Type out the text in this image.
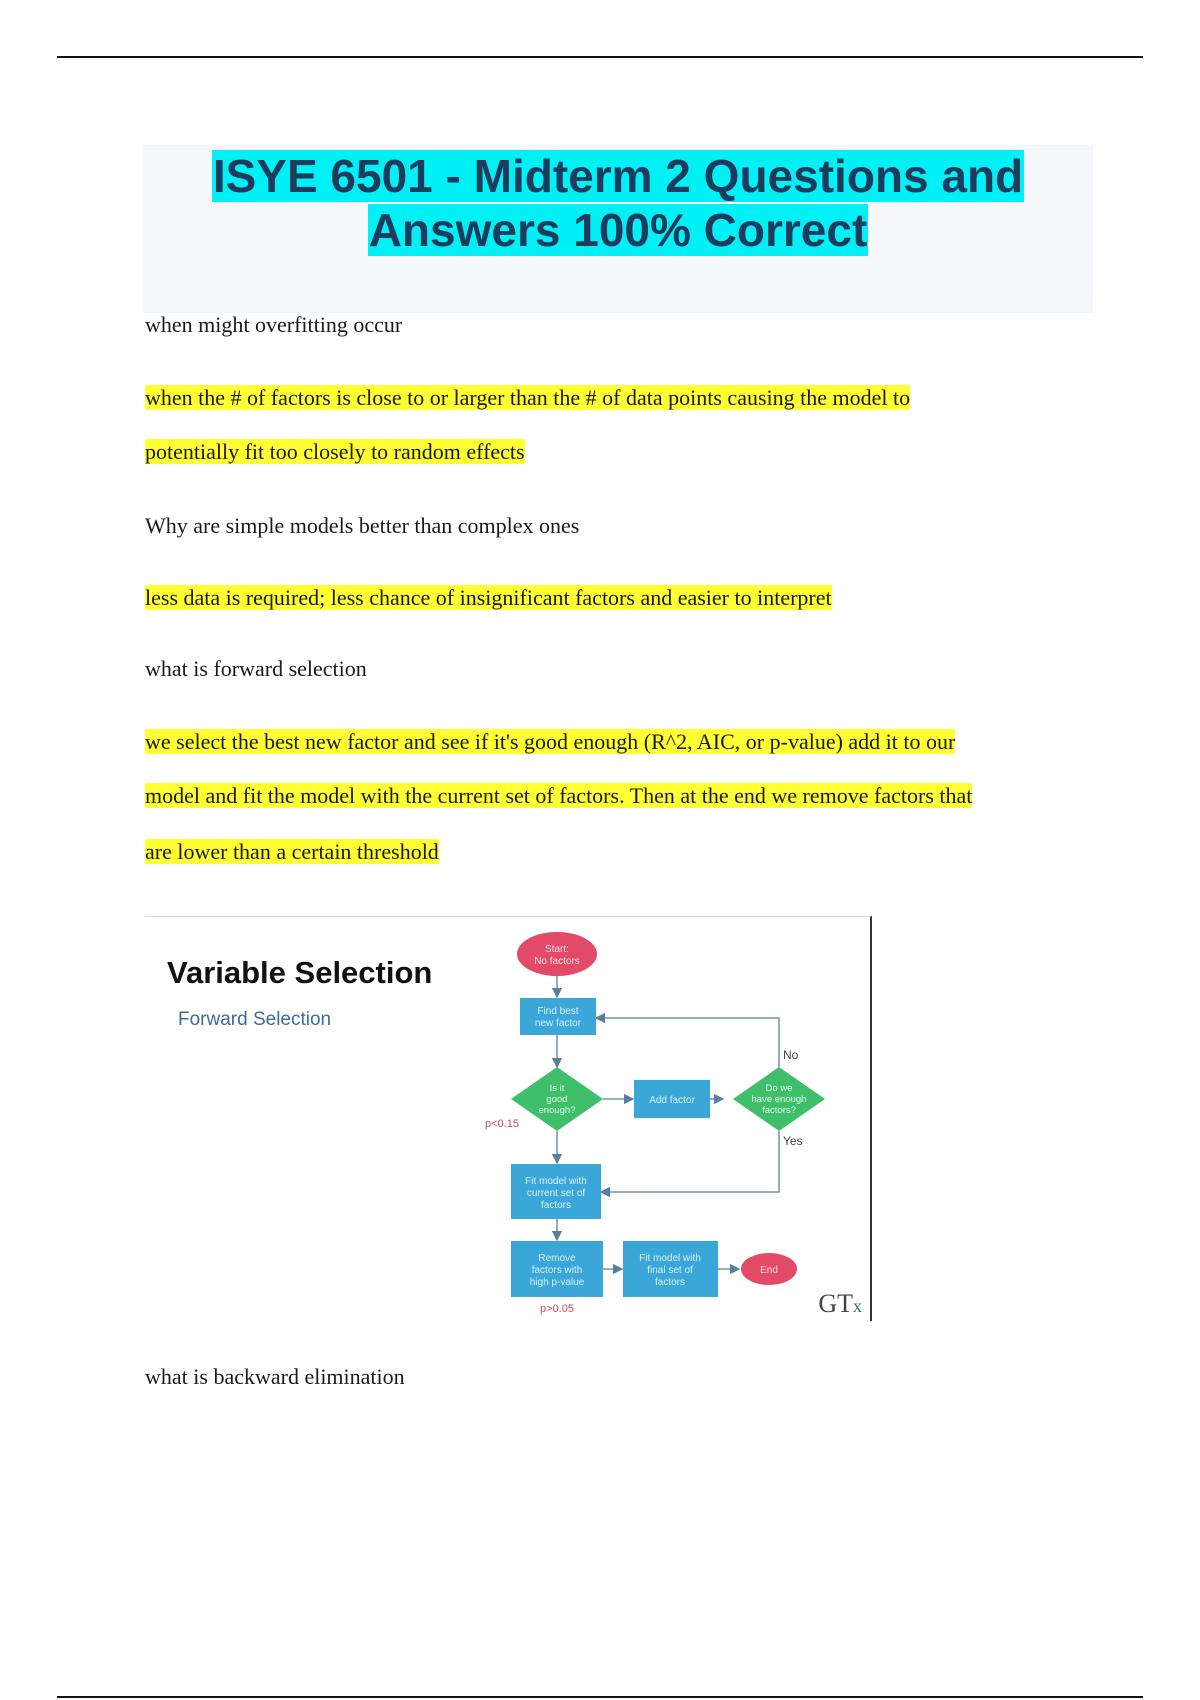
ISYE 6501 - Midterm 2 Questions and
Answers 100% Correct
when might overfitting occur
when the # of factors is close to or larger than the # of data points causing the model to
potentially fit too closely to random effects
Why are simple models better than complex ones
less data is required; less chance of insignificant factors and easier to interpret
what is forward selection
we select the best new factor and see if it's good enough (R^2, AIC, or p-value) add it to our
model and fit the model with the current set of factors. Then at the end we remove factors that
are lower than a certain threshold
Variable Selection
Forward Selection
Start:
No factors
Find best
new factor
Is it
good
enough?
Add factor
Do we
have enough
factors?
No
Yes
p<0.15
Fit model with
current set of
factors
Remove
factors with
high p-value
p>0.05
Fit model with
final set of
factors
End
GTx
what is backward elimination
